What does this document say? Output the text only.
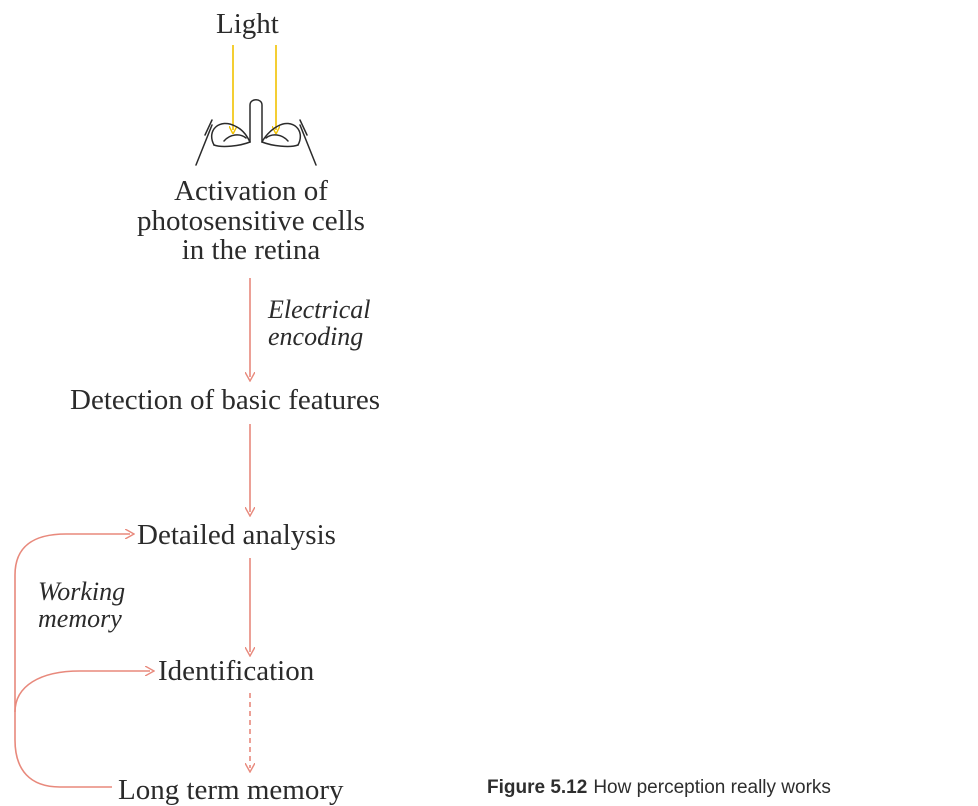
Light
Activation of photosensitive cells in the retina
Electrical
encoding
Detection of basic features
Detailed analysis
Working
memory
Identification
Long term memory	Figure 5.12 How perception really works
